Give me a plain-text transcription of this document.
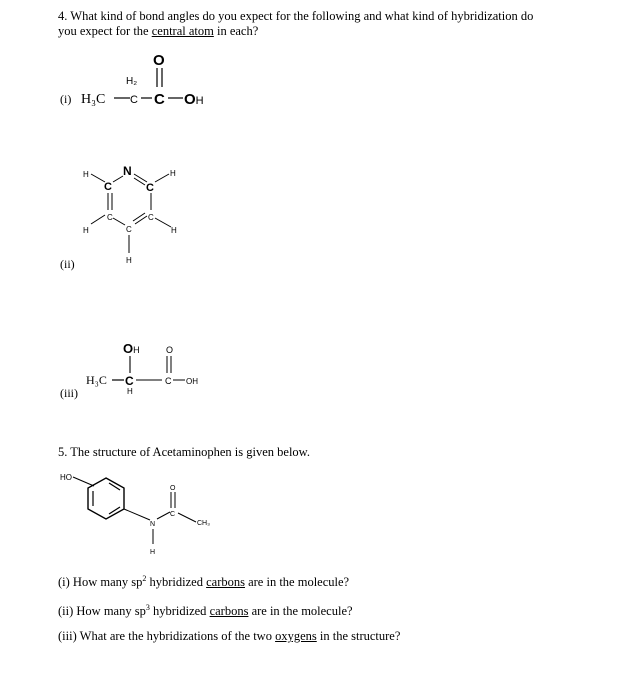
4. What kind of bond angles do you expect for the following and what kind of hybridization do
you expect for the central atom in each?
(i) H₃C
H₂
C C
O
OH
(ii)
H
C
N
C
H
C
H
C
H
C
H
(iii)
OH	O
H₃C C	C OH
H
5. The structure of Acetaminophen is given below.
HO
N
H
C
O
CH₃
(i) How many $sp^2$ hybridized carbons are in the molecule?
(ii) How many $sp^3$ hybridized carbons are in the molecule?
(iii) What are the hybridizations of the two oxygens in the structure?
